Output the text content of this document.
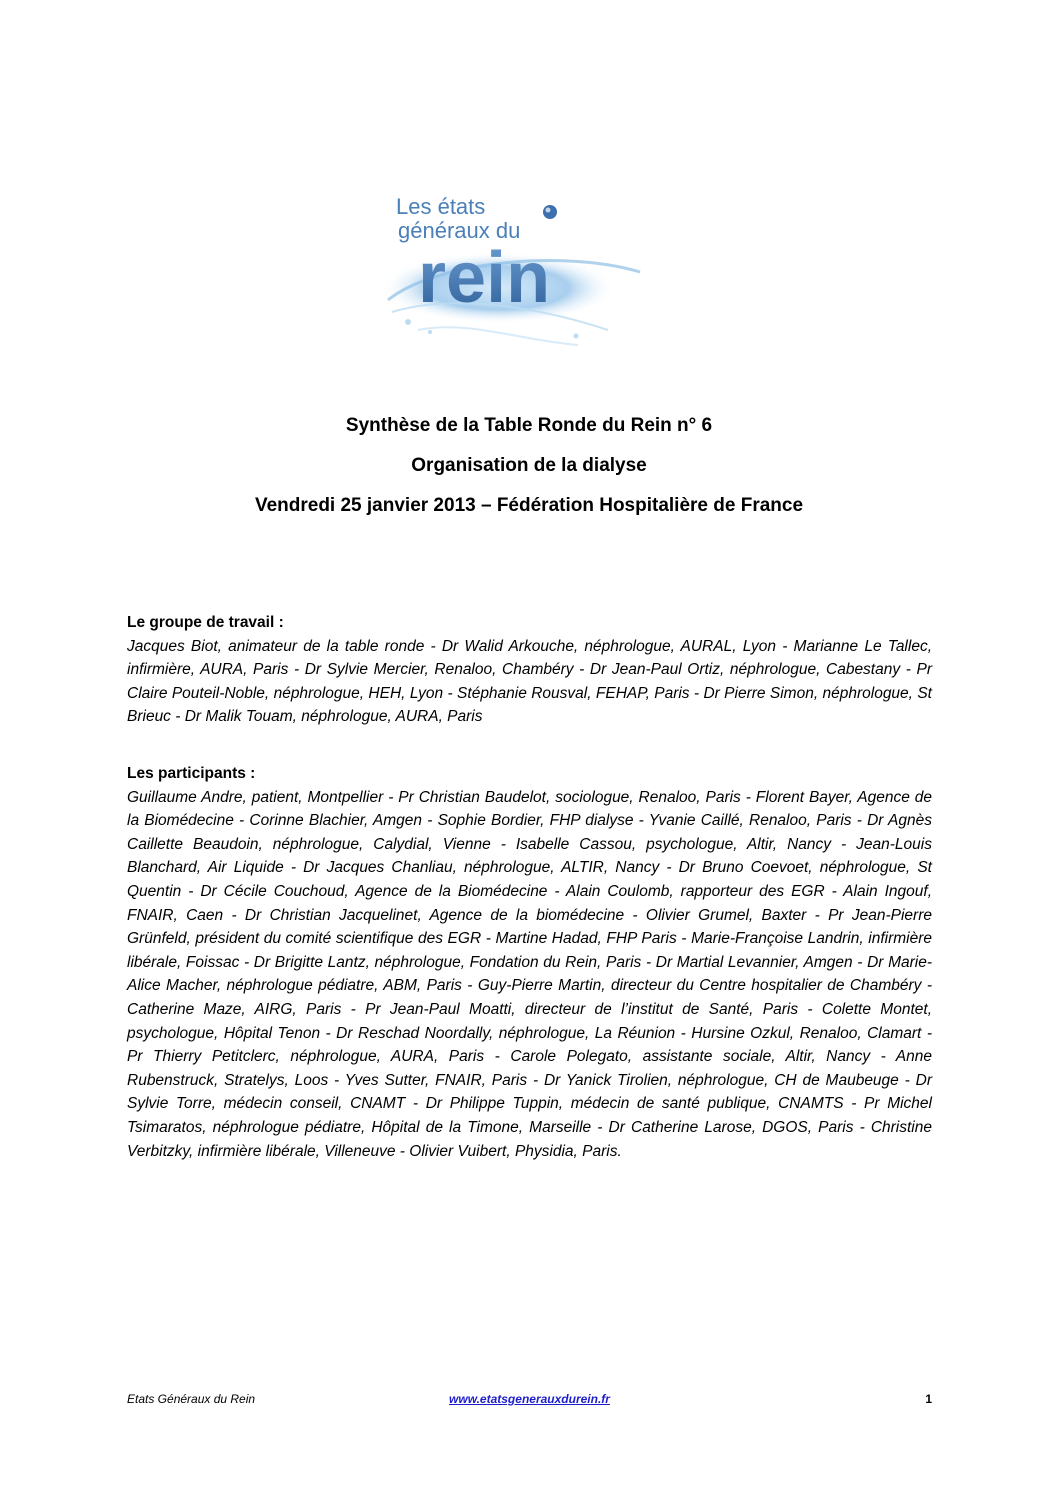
Les états
généraux du
rein
Synthèse de la Table Ronde du Rein n° 6
Organisation de la dialyse
Vendredi 25 janvier 2013 – Fédération Hospitalière de France
Le groupe de travail :
Jacques Biot, animateur de la table ronde - Dr Walid Arkouche, néphrologue, AURAL, Lyon - Marianne Le Tallec, infirmière, AURA, Paris - Dr Sylvie Mercier, Renaloo, Chambéry - Dr Jean-Paul Ortiz, néphrologue, Cabestany - Pr Claire Pouteil-Noble, néphrologue, HEH, Lyon - Stéphanie Rousval, FEHAP, Paris - Dr Pierre Simon, néphrologue, St Brieuc - Dr Malik Touam, néphrologue, AURA, Paris
Les participants :
Guillaume Andre, patient, Montpellier - Pr Christian Baudelot, sociologue, Renaloo, Paris - Florent Bayer, Agence de la Biomédecine - Corinne Blachier, Amgen - Sophie Bordier, FHP dialyse - Yvanie Caillé, Renaloo, Paris - Dr Agnès Caillette Beaudoin, néphrologue, Calydial, Vienne - Isabelle Cassou, psychologue, Altir, Nancy - Jean-Louis Blanchard, Air Liquide - Dr Jacques Chanliau, néphrologue, ALTIR, Nancy - Dr Bruno Coevoet, néphrologue, St Quentin - Dr Cécile Couchoud, Agence de la Biomédecine - Alain Coulomb, rapporteur des EGR - Alain Ingouf, FNAIR, Caen - Dr Christian Jacquelinet, Agence de la biomédecine - Olivier Grumel, Baxter - Pr Jean-Pierre Grünfeld, président du comité scientifique des EGR - Martine Hadad, FHP Paris - Marie-Françoise Landrin, infirmière libérale, Foissac - Dr Brigitte Lantz, néphrologue, Fondation du Rein, Paris - Dr Martial Levannier, Amgen - Dr Marie-Alice Macher, néphrologue pédiatre, ABM, Paris - Guy-Pierre Martin, directeur du Centre hospitalier de Chambéry - Catherine Maze, AIRG, Paris - Pr Jean-Paul Moatti, directeur de l’institut de Santé, Paris - Colette Montet, psychologue, Hôpital Tenon - Dr Reschad Noordally, néphrologue, La Réunion - Hursine Ozkul, Renaloo, Clamart - Pr Thierry Petitclerc, néphrologue, AURA, Paris - Carole Polegato, assistante sociale, Altir, Nancy - Anne Rubenstruck, Stratelys, Loos - Yves Sutter, FNAIR, Paris - Dr Yanick Tirolien, néphrologue, CH de Maubeuge - Dr Sylvie Torre, médecin conseil, CNAMT - Dr Philippe Tuppin, médecin de santé publique, CNAMTS - Pr Michel Tsimaratos, néphrologue pédiatre, Hôpital de la Timone, Marseille - Dr Catherine Larose, DGOS, Paris - Christine Verbitzky, infirmière libérale, Villeneuve - Olivier Vuibert, Physidia, Paris.
Etats Généraux du Rein	www.etatsgenerauxdurein.fr	1
